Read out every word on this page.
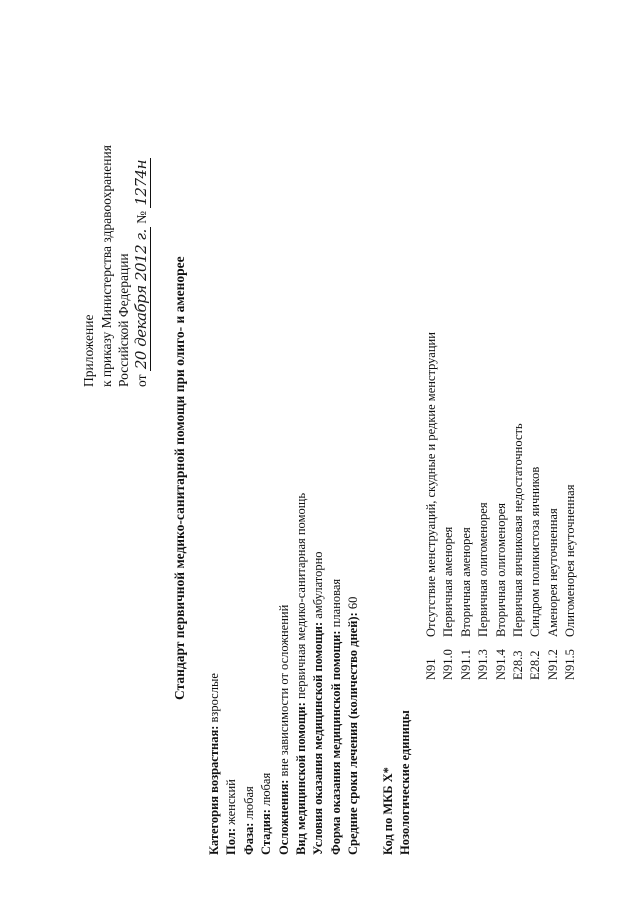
Приложение к приказу Министерства здравоохранения Российской Федерации от 20 декабря 2012 г. № 1274н
Стандарт первичной медико-санитарной помощи при олиго- и аменорее
Категория возрастная: взрослые
Пол: женский
Фаза: любая
Стадия: любая Осложнения: вне зависимости от осложнений Вид медицинской помощи: первичная медико-санитарная помощь
Условия оказания медицинской помощи: амбулаторно
Форма оказания медицинской помощи: плановая
Средние сроки лечения (количество дней): 60
Код по МКБ X* Нозологические единицы
N91Отсутствие менструаций, скудные и редкие менструации
N91.0Первичная аменорея
N91.1Вторичная аменорея
N91.3Первичная олигоменорея
N91.4Вторичная олигоменорея
E28.3Первичная яичниковая недостаточность
E28.2Синдром поликистоза яичников
N91.2Аменорея неуточненная
N91.5Олигоменорея неуточненная
